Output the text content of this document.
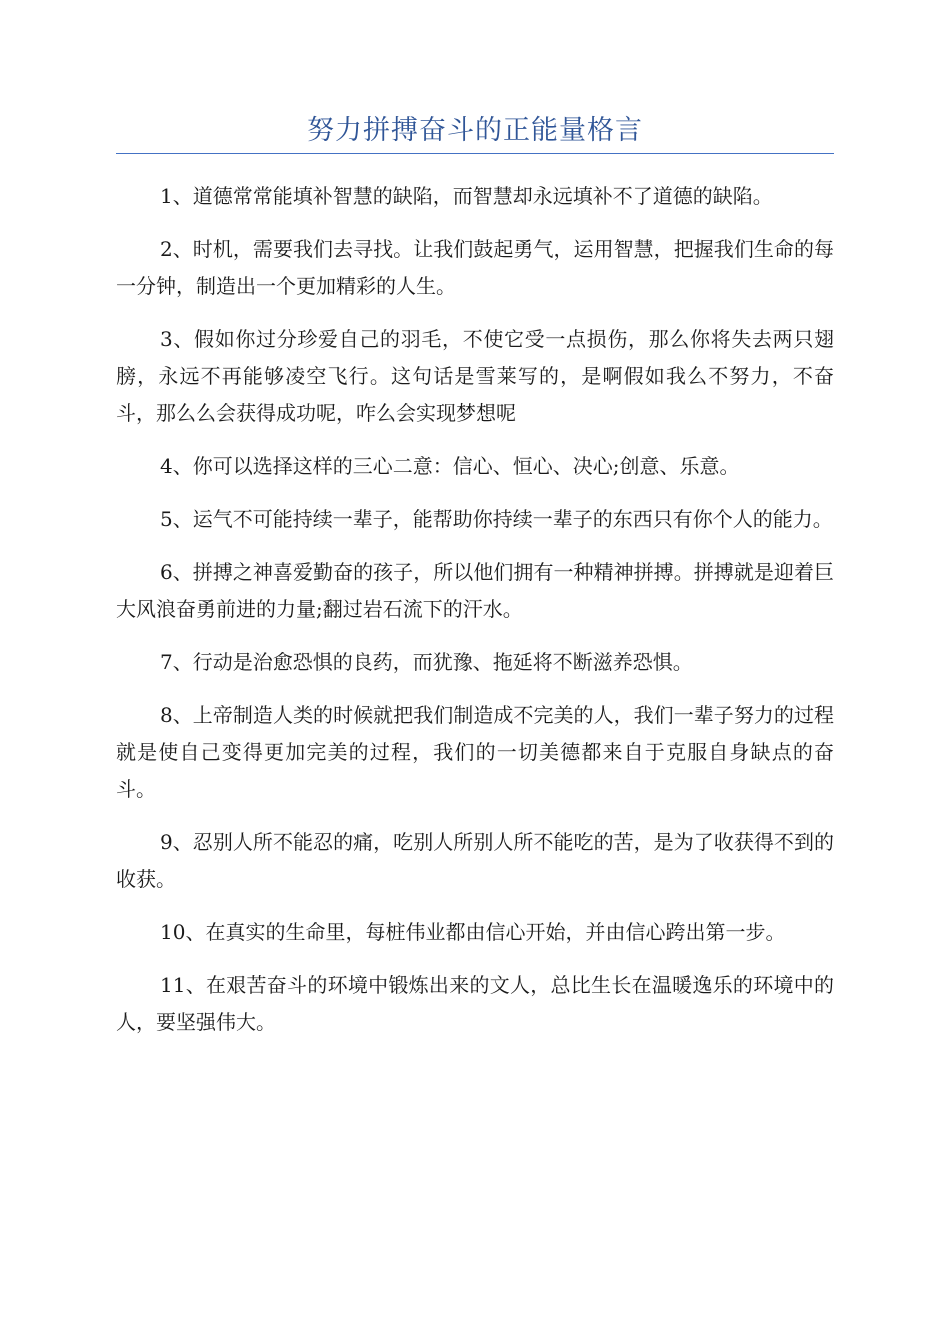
努力拼搏奋斗的正能量格言

1、道德常常能填补智慧的缺陷，而智慧却永远填补不了道德的缺陷。

2、时机，需要我们去寻找。让我们鼓起勇气，运用智慧，把握我们生命的每一分钟，制造出一个更加精彩的人生。

3、假如你过分珍爱自己的羽毛，不使它受一点损伤，那么你将失去两只翅膀，永远不再能够凌空飞行。这句话是雪莱写的，是啊假如我么不努力，不奋斗，那么么会获得成功呢，咋么会实现梦想呢

4、你可以选择这样的三心二意：信心、恒心、决心;创意、乐意。

5、运气不可能持续一辈子，能帮助你持续一辈子的东西只有你个人的能力。

6、拼搏之神喜爱勤奋的孩子，所以他们拥有一种精神拼搏。拼搏就是迎着巨大风浪奋勇前进的力量;翻过岩石流下的汗水。

7、行动是治愈恐惧的良药，而犹豫、拖延将不断滋养恐惧。

8、上帝制造人类的时候就把我们制造成不完美的人，我们一辈子努力的过程就是使自己变得更加完美的过程，我们的一切美德都来自于克服自身缺点的奋斗。

9、忍别人所不能忍的痛，吃别人所别人所不能吃的苦，是为了收获得不到的收获。

10、在真实的生命里，每桩伟业都由信心开始，并由信心跨出第一步。

11、在艰苦奋斗的环境中锻炼出来的文人，总比生长在温暖逸乐的环境中的人，要坚强伟大。
